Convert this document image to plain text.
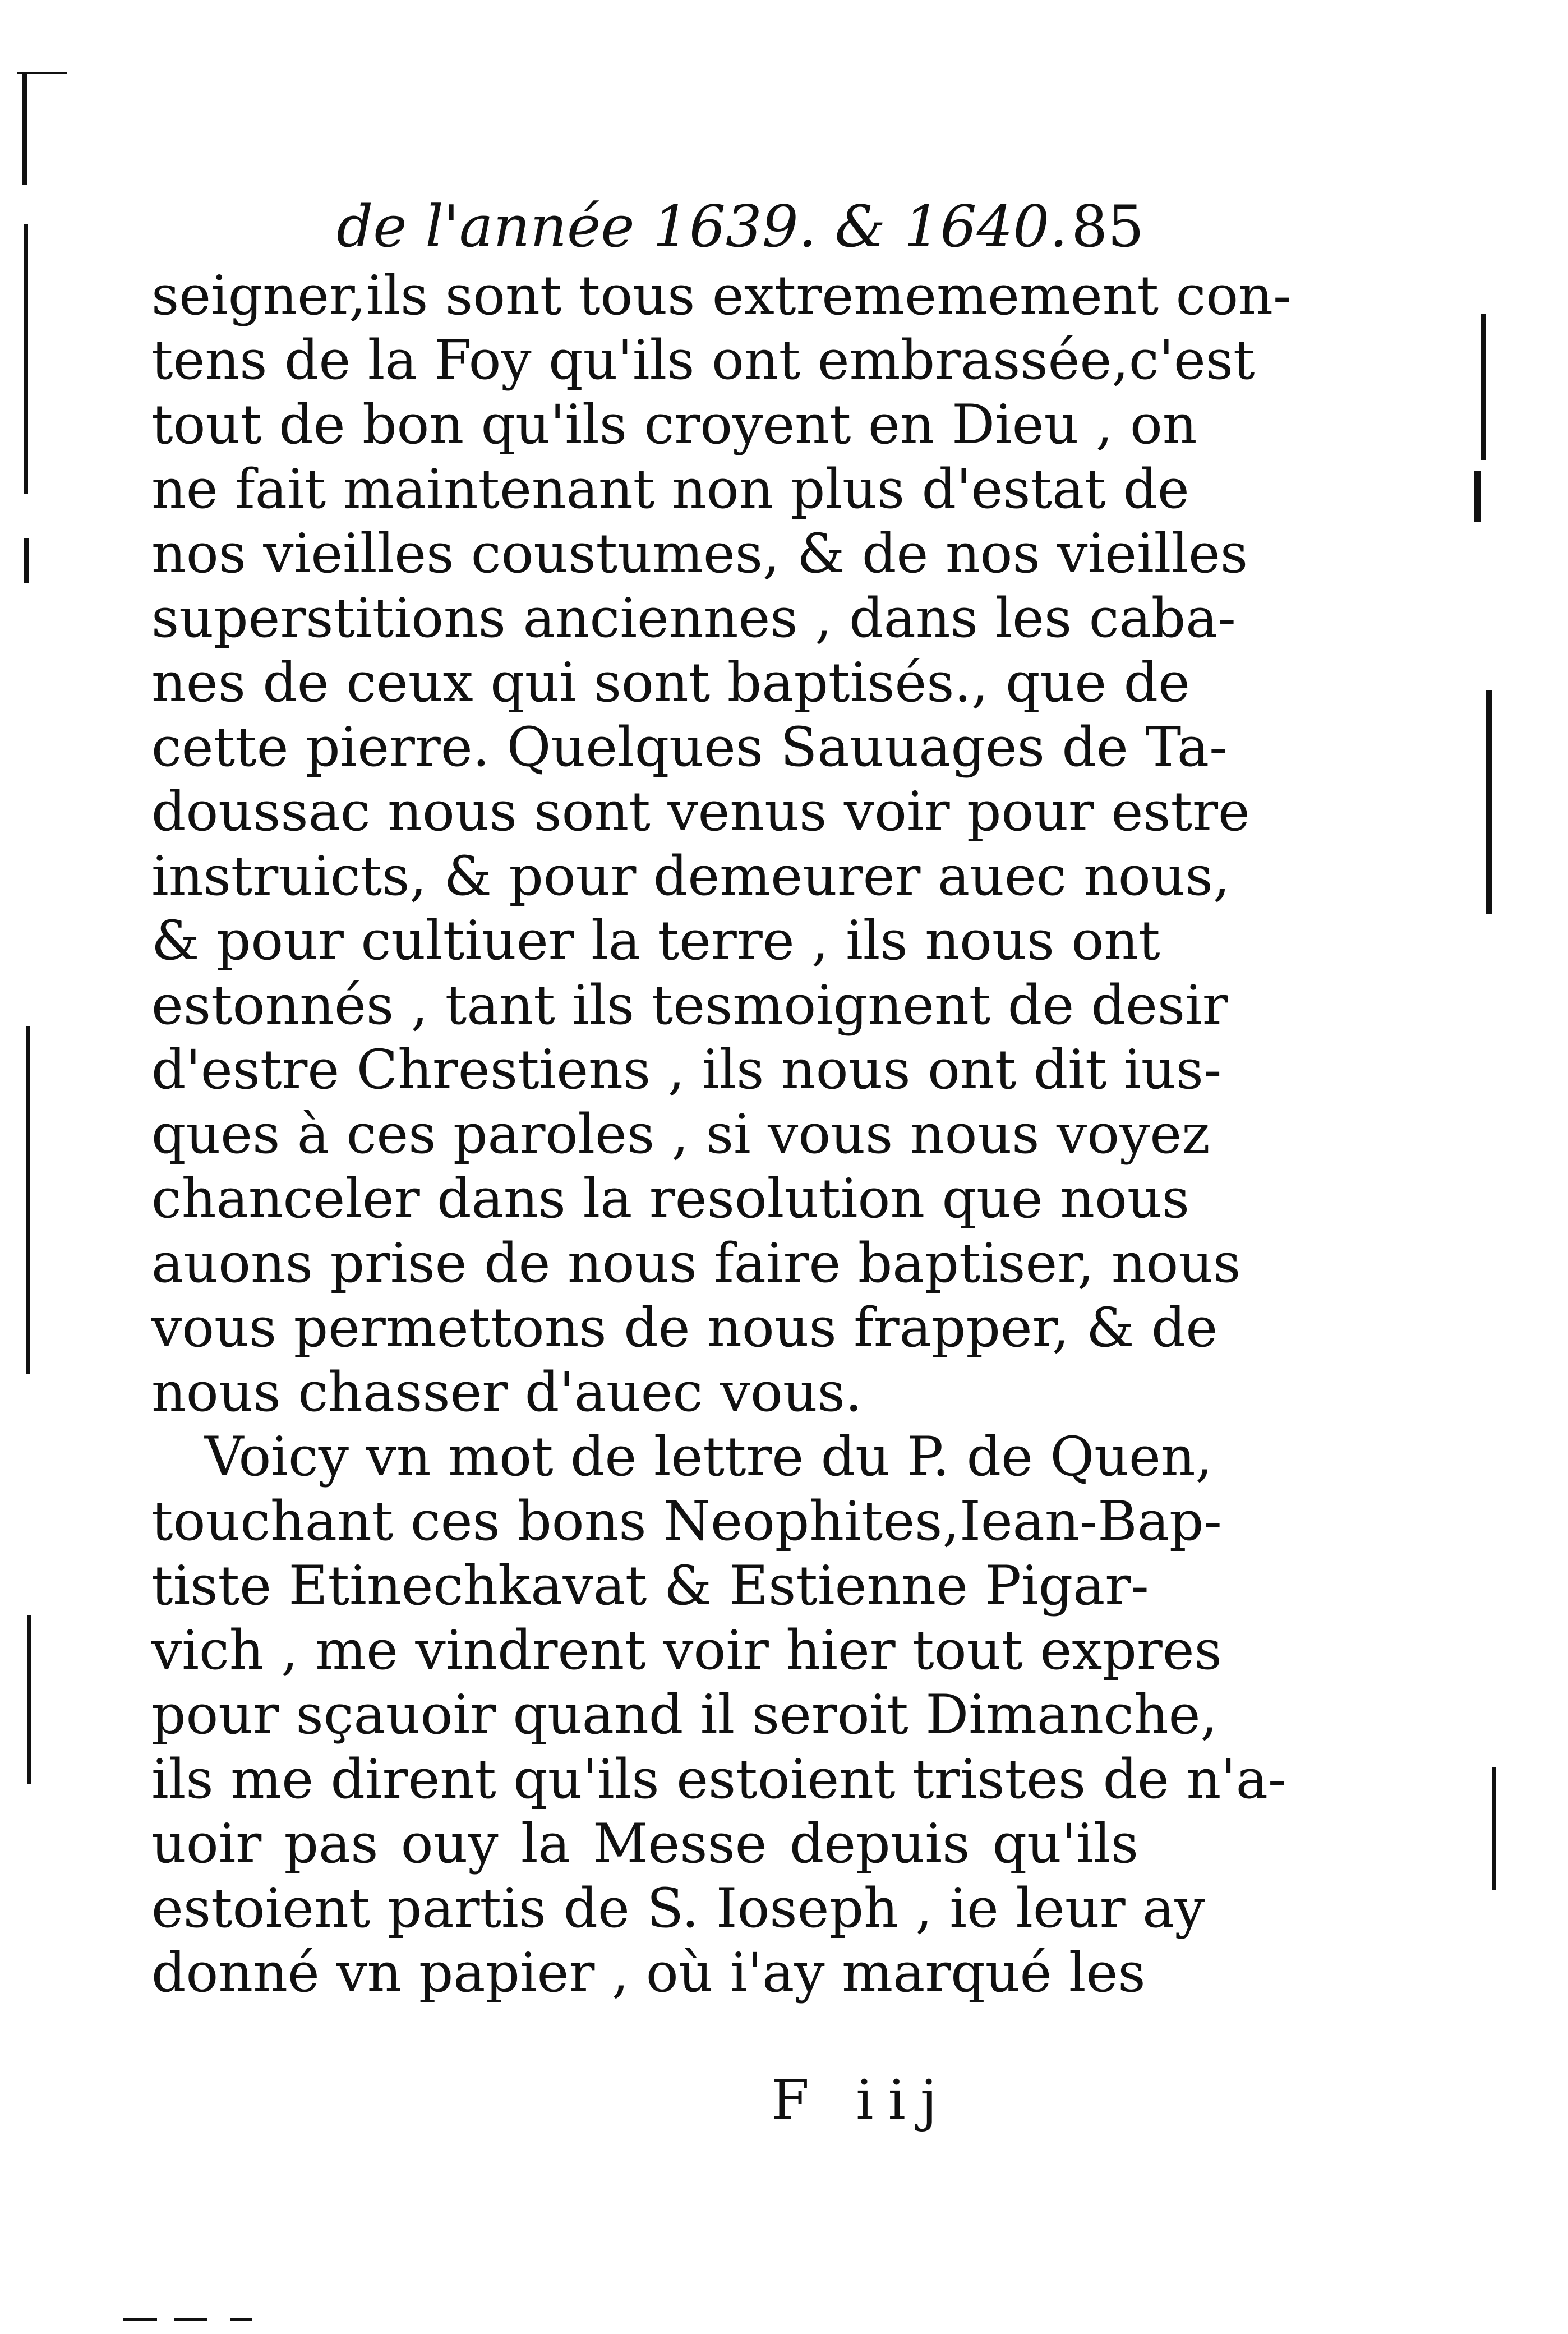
de l'année 1639. & 1640. 85
seigner,ils sont tous extrememement con-
tens de la Foy qu'ils ont embrassée,c'est
tout de bon qu'ils croyent en Dieu , on
ne fait maintenant non plus d'estat de
nos vieilles coustumes, & de nos vieilles
superstitions anciennes , dans les caba-
nes de ceux qui sont baptisés., que de
cette pierre. Quelques Sauuages de Ta-
doussac nous sont venus voir pour estre
instruicts, & pour demeurer auec nous,
& pour cultiuer la terre , ils nous ont
estonnés , tant ils tesmoignent de desir
d'estre Chrestiens , ils nous ont dit ius-
ques à ces paroles , si vous nous voyez
chanceler dans la resolution que nous
auons prise de nous faire baptiser, nous
vous permettons de nous frapper, & de
nous chasser d'auec vous.
Voicy vn mot de lettre du P. de Quen,
touchant ces bons Neophites,Iean-Bap-
tiste Etinechkavat & Estienne Pigar-
vich , me vindrent voir hier tout expres
pour sçauoir quand il seroit Dimanche,
ils me dirent qu'ils estoient tristes de n'a-
uoir pas ouy la Messe depuis qu'ils
estoient partis de S. Ioseph , ie leur ay
donné vn papier , où i'ay marqué les
F iij
